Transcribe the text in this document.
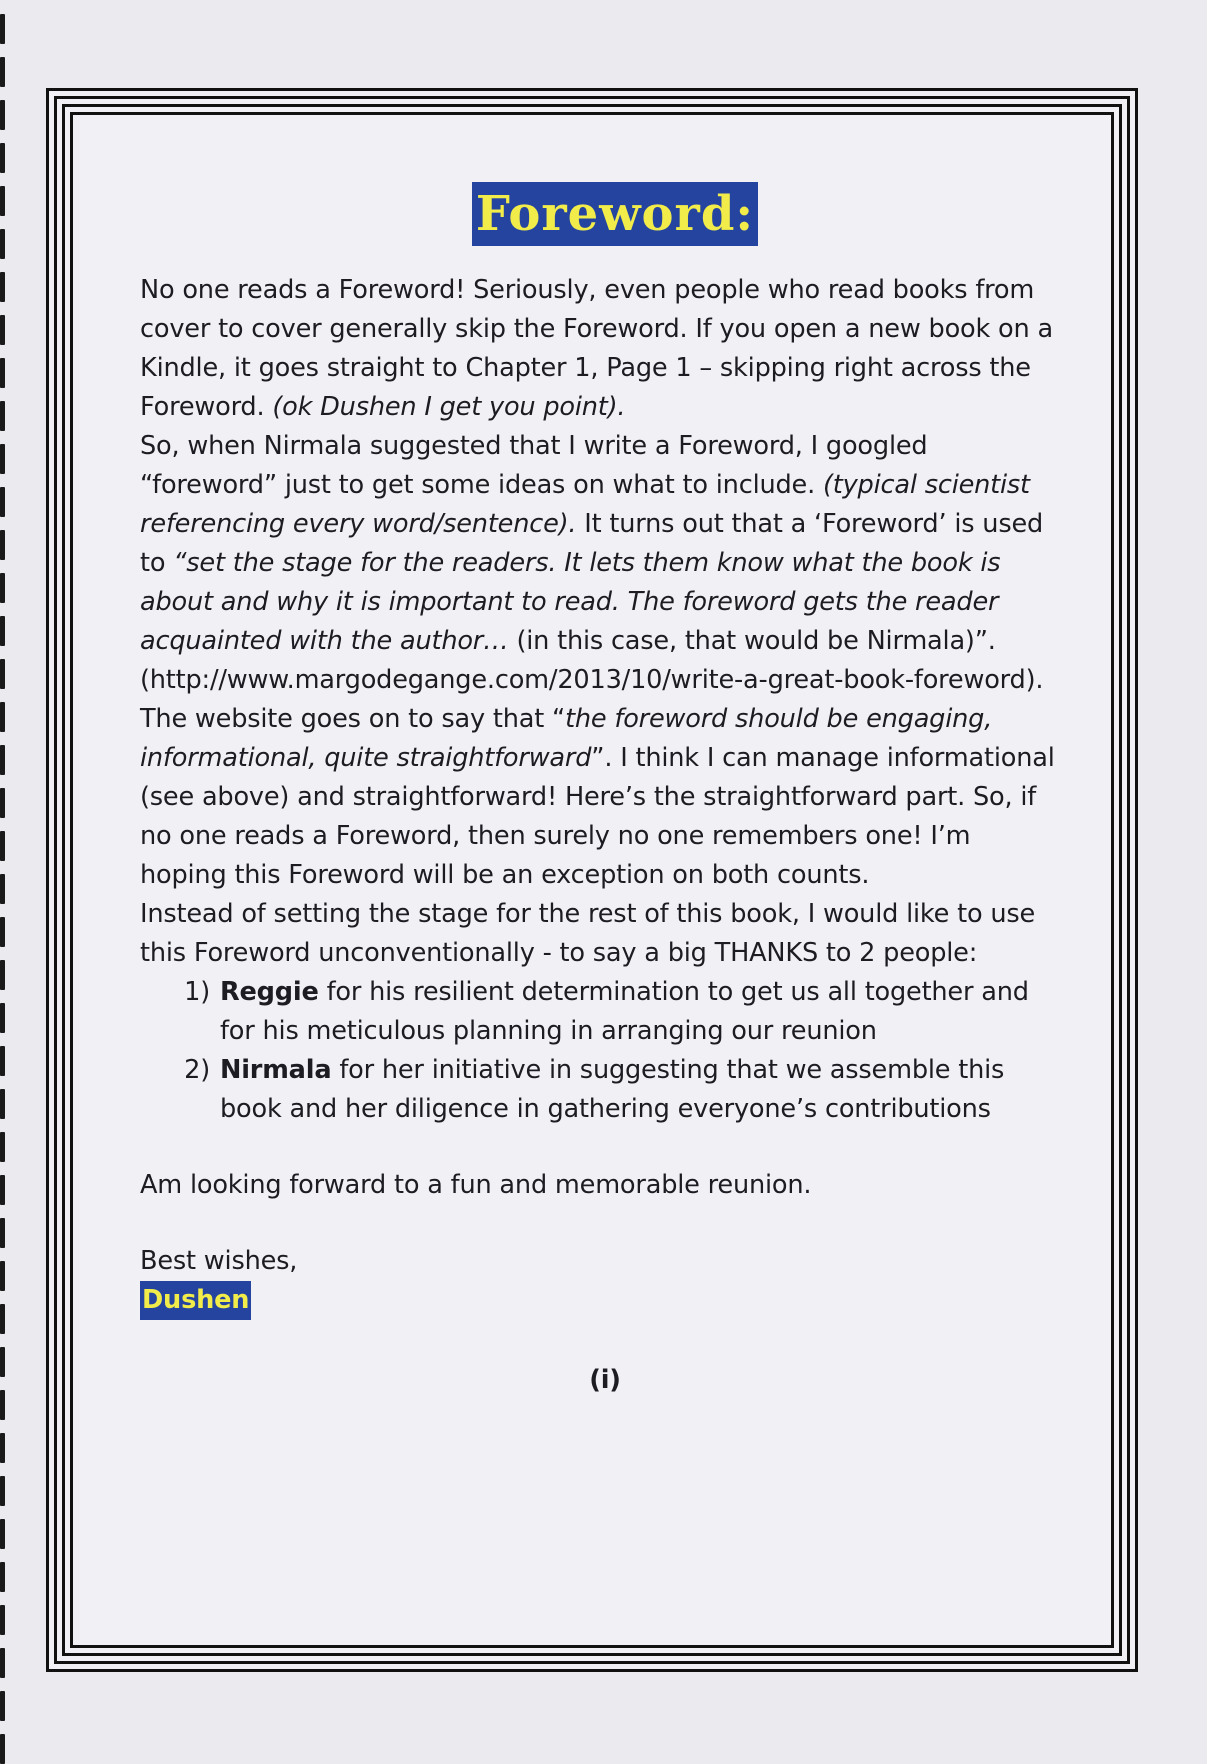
Foreword:

No one reads a Foreword! Seriously, even people who read books from cover to cover generally skip the Foreword. If you open a new book on a Kindle, it goes straight to Chapter 1, Page 1 – skipping right across the Foreword. (ok Dushen I get you point).

So, when Nirmala suggested that I write a Foreword, I googled “foreword” just to get some ideas on what to include. (typical scientist referencing every word/sentence). It turns out that a ‘Foreword’ is used to “set the stage for the readers. It lets them know what the book is about and why it is important to read. The foreword gets the reader acquainted with the author… (in this case, that would be Nirmala)”. (http://www.margodegange.com/2013/10/write-a-great-book-foreword).

The website goes on to say that “the foreword should be engaging, informational, quite straightforward”. I think I can manage informational (see above) and straightforward! Here’s the straightforward part. So, if no one reads a Foreword, then surely no one remembers one! I’m hoping this Foreword will be an exception on both counts.

Instead of setting the stage for the rest of this book, I would like to use this Foreword unconventionally - to say a big THANKS to 2 people:

1) Reggie for his resilient determination to get us all together and for his meticulous planning in arranging our reunion
2) Nirmala for her initiative in suggesting that we assemble this book and her diligence in gathering everyone’s contributions

Am looking forward to a fun and memorable reunion.

Best wishes,

Dushen

(i)
